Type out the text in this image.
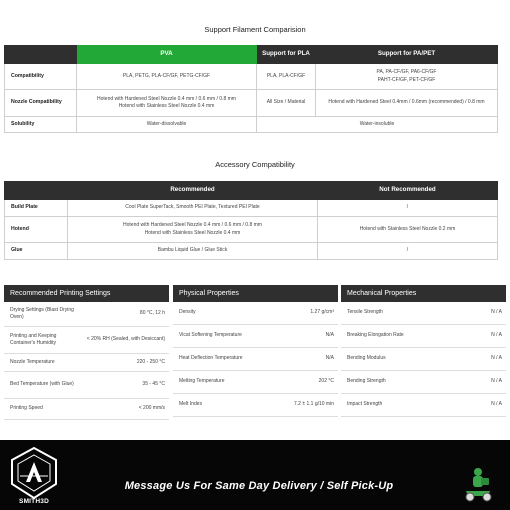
Support Filament Comparision
	PVA	Support for PLA	Support for PA/PET
Compatibility	PLA, PETG, PLA-CF/GF, PETG-CF/GF	PLA, PLA-CF/GF	PA, PA-CF/GF, PA6-CF/GF
PAHT-CF/GF, PET-CF/GF

Nozzle Compatibility	Hotend with Hardened Steel Nozzle 0.4 mm / 0.6 mm / 0.8 mm
Hotend with Stainless Steel Nozzle 0.4 mm	All Size / Material	Hotend with Hardened Steel 0.4mm / 0.6mm (recommended) / 0.8 mm
Solubility	Water-dissolvable	Water-insoluble	
Accessory Compatibility
	Recommended	Not Recommended
Build Plate	Cool Plate SuperTack, Smooth PEI Plate, Textured PEI Plate	/
Hotend	Hotend with Hardened Steel Nozzle 0.4 mm / 0.6 mm / 0.8 mm
Hotend with Stainless Steel Nozzle 0.4 mm	Hotend with Stainless Steel Nozzle 0.2 mm
Glue	Bambu Liquid Glue / Glue Stick	/
Recommended Printing Settings
Drying Settings (Blast Drying Oven)
80 °C, 12 h
Printing and Keeping Container's Humidity
< 20% RH (Sealed, with Desiccant)
Nozzle Temperature	220 - 250 °C
Bed Temperature (with Glue)	35 - 45 °C
Printing Speed	< 200 mm/s
Physical Properties
Density	1.27 g/cm³
Vicat Softening Temperature	N/A
Heat Deflection Temperature	N/A
Melting Temperature	202 °C
Melt Index	7.2 ± 1.1 g/10 min
Mechanical Properties
Tensile Strength	N / A
Breaking Elongation Rate	N / A
Bending Modulus	N / A
Bending Strength	N / A
Impact Strength	N / A
SMITH3D
Message Us For Same Day Delivery / Self Pick-Up
